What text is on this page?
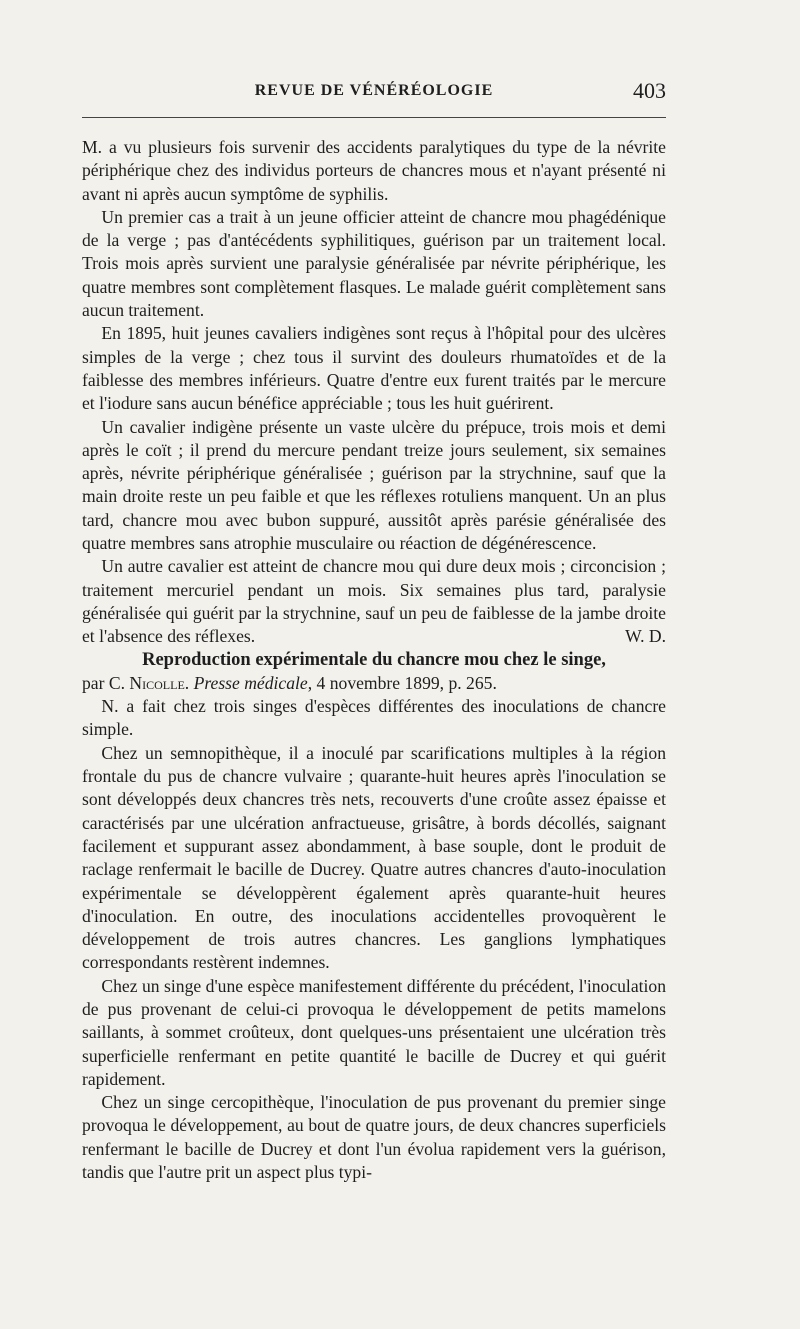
REVUE DE VÉNÉRÉOLOGIE	403

M. a vu plusieurs fois survenir des accidents paralytiques du type de la névrite périphérique chez des individus porteurs de chancres mous et n'ayant présenté ni avant ni après aucun symptôme de syphilis.

Un premier cas a trait à un jeune officier atteint de chancre mou phagédénique de la verge ; pas d'antécédents syphilitiques, guérison par un traitement local. Trois mois après survient une paralysie généralisée par névrite périphérique, les quatre membres sont complètement flasques. Le malade guérit complètement sans aucun traitement.

En 1895, huit jeunes cavaliers indigènes sont reçus à l'hôpital pour des ulcères simples de la verge ; chez tous il survint des douleurs rhumatoïdes et de la faiblesse des membres inférieurs. Quatre d'entre eux furent traités par le mercure et l'iodure sans aucun bénéfice appréciable ; tous les huit guérirent.

Un cavalier indigène présente un vaste ulcère du prépuce, trois mois et demi après le coït ; il prend du mercure pendant treize jours seulement, six semaines après, névrite périphérique généralisée ; guérison par la strychnine, sauf que la main droite reste un peu faible et que les réflexes rotuliens manquent. Un an plus tard, chancre mou avec bubon suppuré, aussitôt après parésie généralisée des quatre membres sans atrophie musculaire ou réaction de dégénérescence.

Un autre cavalier est atteint de chancre mou qui dure deux mois ; circoncision ; traitement mercuriel pendant un mois. Six semaines plus tard, paralysie généralisée qui guérit par la strychnine, sauf un peu de faiblesse de la jambe droite et l'absence des réflexes.	W. D.

Reproduction expérimentale du chancre mou chez le singe,

par C. Nicolle. Presse médicale, 4 novembre 1899, p. 265.

N. a fait chez trois singes d'espèces différentes des inoculations de chancre simple.

Chez un semnopithèque, il a inoculé par scarifications multiples à la région frontale du pus de chancre vulvaire ; quarante-huit heures après l'inoculation se sont développés deux chancres très nets, recouverts d'une croûte assez épaisse et caractérisés par une ulcération anfractueuse, grisâtre, à bords décollés, saignant facilement et suppurant assez abondamment, à base souple, dont le produit de raclage renfermait le bacille de Ducrey. Quatre autres chancres d'auto-inoculation expérimentale se développèrent également après quarante-huit heures d'inoculation. En outre, des inoculations accidentelles provoquèrent le développement de trois autres chancres. Les ganglions lymphatiques correspondants restèrent indemnes.

Chez un singe d'une espèce manifestement différente du précédent, l'inoculation de pus provenant de celui-ci provoqua le développement de petits mamelons saillants, à sommet croûteux, dont quelques-uns présentaient une ulcération très superficielle renfermant en petite quantité le bacille de Ducrey et qui guérit rapidement.

Chez un singe cercopithèque, l'inoculation de pus provenant du premier singe provoqua le développement, au bout de quatre jours, de deux chancres superficiels renfermant le bacille de Ducrey et dont l'un évolua rapidement vers la guérison, tandis que l'autre prit un aspect plus typi-
